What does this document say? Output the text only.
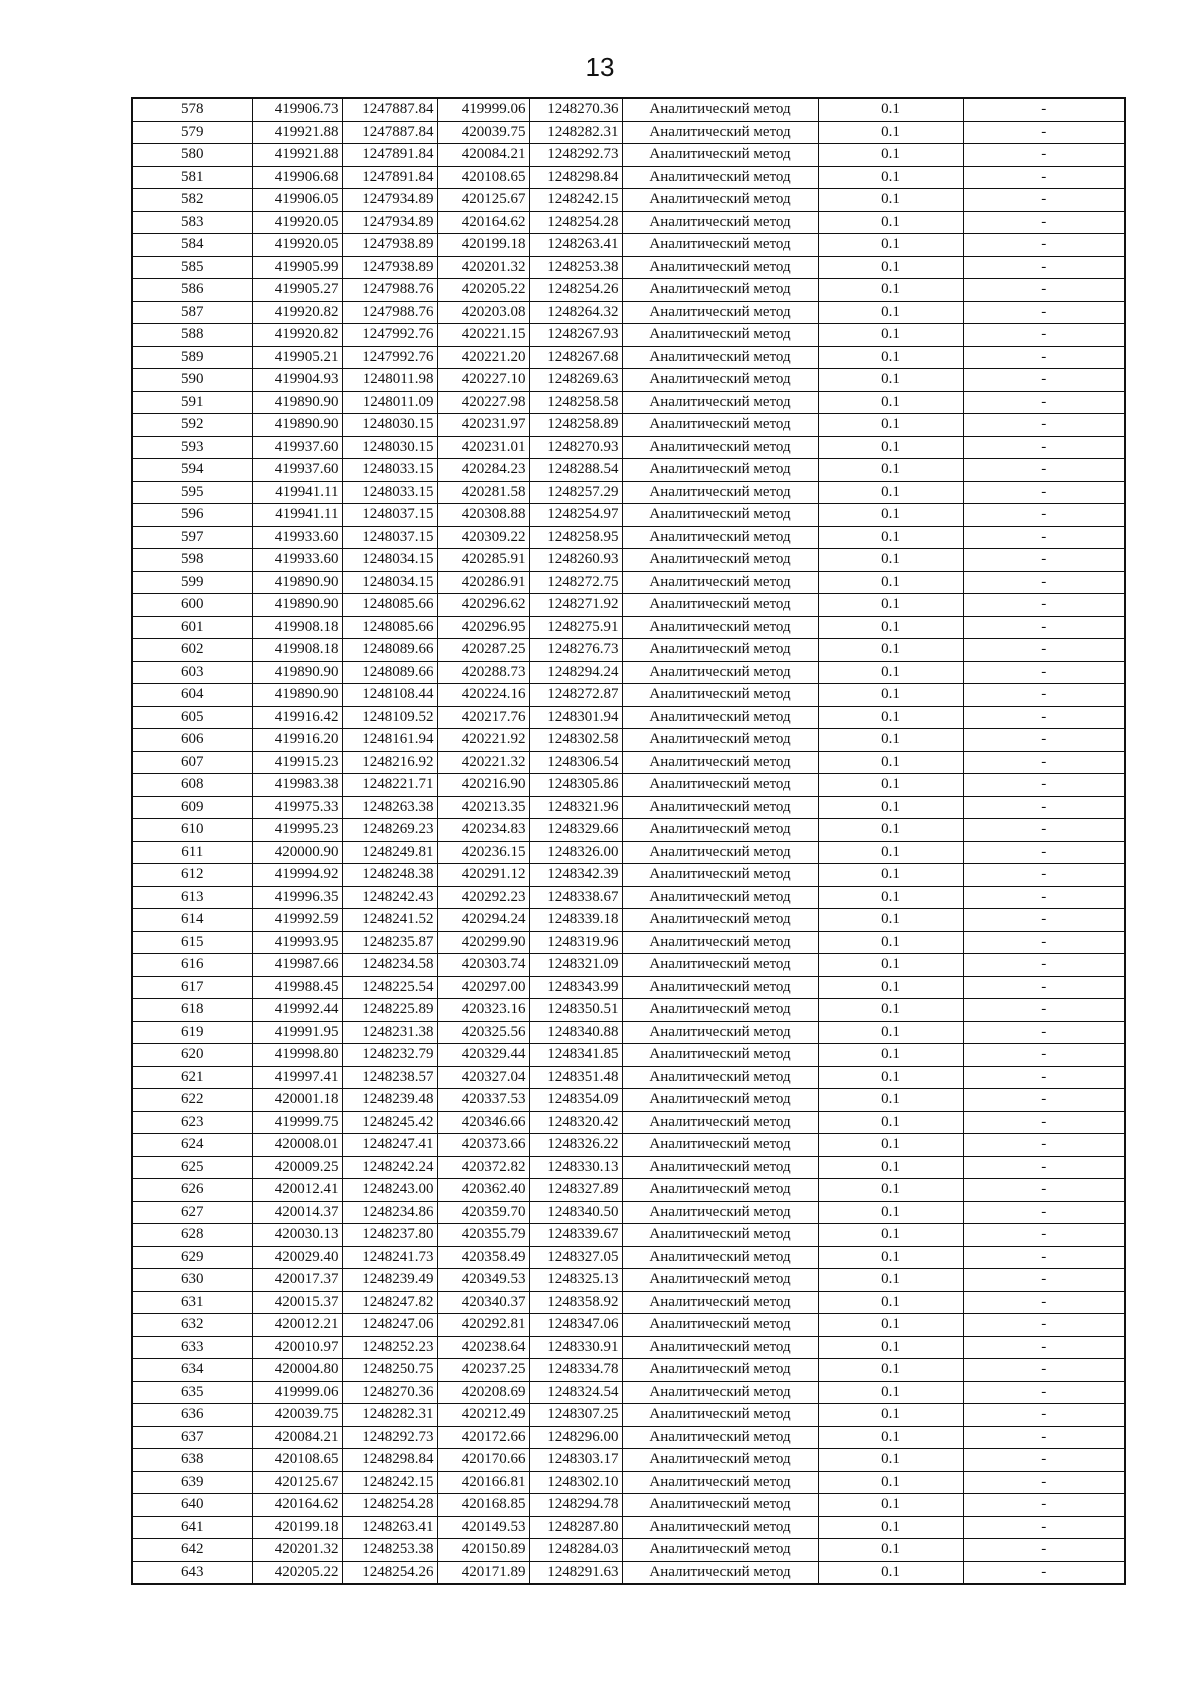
13
578	419906.73	1247887.84	419999.06	1248270.36	Аналитический метод	0.1	-
579	419921.88	1247887.84	420039.75	1248282.31	Аналитический метод	0.1	-
580	419921.88	1247891.84	420084.21	1248292.73	Аналитический метод	0.1	-
581	419906.68	1247891.84	420108.65	1248298.84	Аналитический метод	0.1	-
582	419906.05	1247934.89	420125.67	1248242.15	Аналитический метод	0.1	-
583	419920.05	1247934.89	420164.62	1248254.28	Аналитический метод	0.1	-
584	419920.05	1247938.89	420199.18	1248263.41	Аналитический метод	0.1	-
585	419905.99	1247938.89	420201.32	1248253.38	Аналитический метод	0.1	-
586	419905.27	1247988.76	420205.22	1248254.26	Аналитический метод	0.1	-
587	419920.82	1247988.76	420203.08	1248264.32	Аналитический метод	0.1	-
588	419920.82	1247992.76	420221.15	1248267.93	Аналитический метод	0.1	-
589	419905.21	1247992.76	420221.20	1248267.68	Аналитический метод	0.1	-
590	419904.93	1248011.98	420227.10	1248269.63	Аналитический метод	0.1	-
591	419890.90	1248011.09	420227.98	1248258.58	Аналитический метод	0.1	-
592	419890.90	1248030.15	420231.97	1248258.89	Аналитический метод	0.1	-
593	419937.60	1248030.15	420231.01	1248270.93	Аналитический метод	0.1	-
594	419937.60	1248033.15	420284.23	1248288.54	Аналитический метод	0.1	-
595	419941.11	1248033.15	420281.58	1248257.29	Аналитический метод	0.1	-
596	419941.11	1248037.15	420308.88	1248254.97	Аналитический метод	0.1	-
597	419933.60	1248037.15	420309.22	1248258.95	Аналитический метод	0.1	-
598	419933.60	1248034.15	420285.91	1248260.93	Аналитический метод	0.1	-
599	419890.90	1248034.15	420286.91	1248272.75	Аналитический метод	0.1	-
600	419890.90	1248085.66	420296.62	1248271.92	Аналитический метод	0.1	-
601	419908.18	1248085.66	420296.95	1248275.91	Аналитический метод	0.1	-
602	419908.18	1248089.66	420287.25	1248276.73	Аналитический метод	0.1	-
603	419890.90	1248089.66	420288.73	1248294.24	Аналитический метод	0.1	-
604	419890.90	1248108.44	420224.16	1248272.87	Аналитический метод	0.1	-
605	419916.42	1248109.52	420217.76	1248301.94	Аналитический метод	0.1	-
606	419916.20	1248161.94	420221.92	1248302.58	Аналитический метод	0.1	-
607	419915.23	1248216.92	420221.32	1248306.54	Аналитический метод	0.1	-
608	419983.38	1248221.71	420216.90	1248305.86	Аналитический метод	0.1	-
609	419975.33	1248263.38	420213.35	1248321.96	Аналитический метод	0.1	-
610	419995.23	1248269.23	420234.83	1248329.66	Аналитический метод	0.1	-
611	420000.90	1248249.81	420236.15	1248326.00	Аналитический метод	0.1	-
612	419994.92	1248248.38	420291.12	1248342.39	Аналитический метод	0.1	-
613	419996.35	1248242.43	420292.23	1248338.67	Аналитический метод	0.1	-
614	419992.59	1248241.52	420294.24	1248339.18	Аналитический метод	0.1	-
615	419993.95	1248235.87	420299.90	1248319.96	Аналитический метод	0.1	-
616	419987.66	1248234.58	420303.74	1248321.09	Аналитический метод	0.1	-
617	419988.45	1248225.54	420297.00	1248343.99	Аналитический метод	0.1	-
618	419992.44	1248225.89	420323.16	1248350.51	Аналитический метод	0.1	-
619	419991.95	1248231.38	420325.56	1248340.88	Аналитический метод	0.1	-
620	419998.80	1248232.79	420329.44	1248341.85	Аналитический метод	0.1	-
621	419997.41	1248238.57	420327.04	1248351.48	Аналитический метод	0.1	-
622	420001.18	1248239.48	420337.53	1248354.09	Аналитический метод	0.1	-
623	419999.75	1248245.42	420346.66	1248320.42	Аналитический метод	0.1	-
624	420008.01	1248247.41	420373.66	1248326.22	Аналитический метод	0.1	-
625	420009.25	1248242.24	420372.82	1248330.13	Аналитический метод	0.1	-
626	420012.41	1248243.00	420362.40	1248327.89	Аналитический метод	0.1	-
627	420014.37	1248234.86	420359.70	1248340.50	Аналитический метод	0.1	-
628	420030.13	1248237.80	420355.79	1248339.67	Аналитический метод	0.1	-
629	420029.40	1248241.73	420358.49	1248327.05	Аналитический метод	0.1	-
630	420017.37	1248239.49	420349.53	1248325.13	Аналитический метод	0.1	-
631	420015.37	1248247.82	420340.37	1248358.92	Аналитический метод	0.1	-
632	420012.21	1248247.06	420292.81	1248347.06	Аналитический метод	0.1	-
633	420010.97	1248252.23	420238.64	1248330.91	Аналитический метод	0.1	-
634	420004.80	1248250.75	420237.25	1248334.78	Аналитический метод	0.1	-
635	419999.06	1248270.36	420208.69	1248324.54	Аналитический метод	0.1	-
636	420039.75	1248282.31	420212.49	1248307.25	Аналитический метод	0.1	-
637	420084.21	1248292.73	420172.66	1248296.00	Аналитический метод	0.1	-
638	420108.65	1248298.84	420170.66	1248303.17	Аналитический метод	0.1	-
639	420125.67	1248242.15	420166.81	1248302.10	Аналитический метод	0.1	-
640	420164.62	1248254.28	420168.85	1248294.78	Аналитический метод	0.1	-
641	420199.18	1248263.41	420149.53	1248287.80	Аналитический метод	0.1	-
642	420201.32	1248253.38	420150.89	1248284.03	Аналитический метод	0.1	-
643	420205.22	1248254.26	420171.89	1248291.63	Аналитический метод	0.1	-
